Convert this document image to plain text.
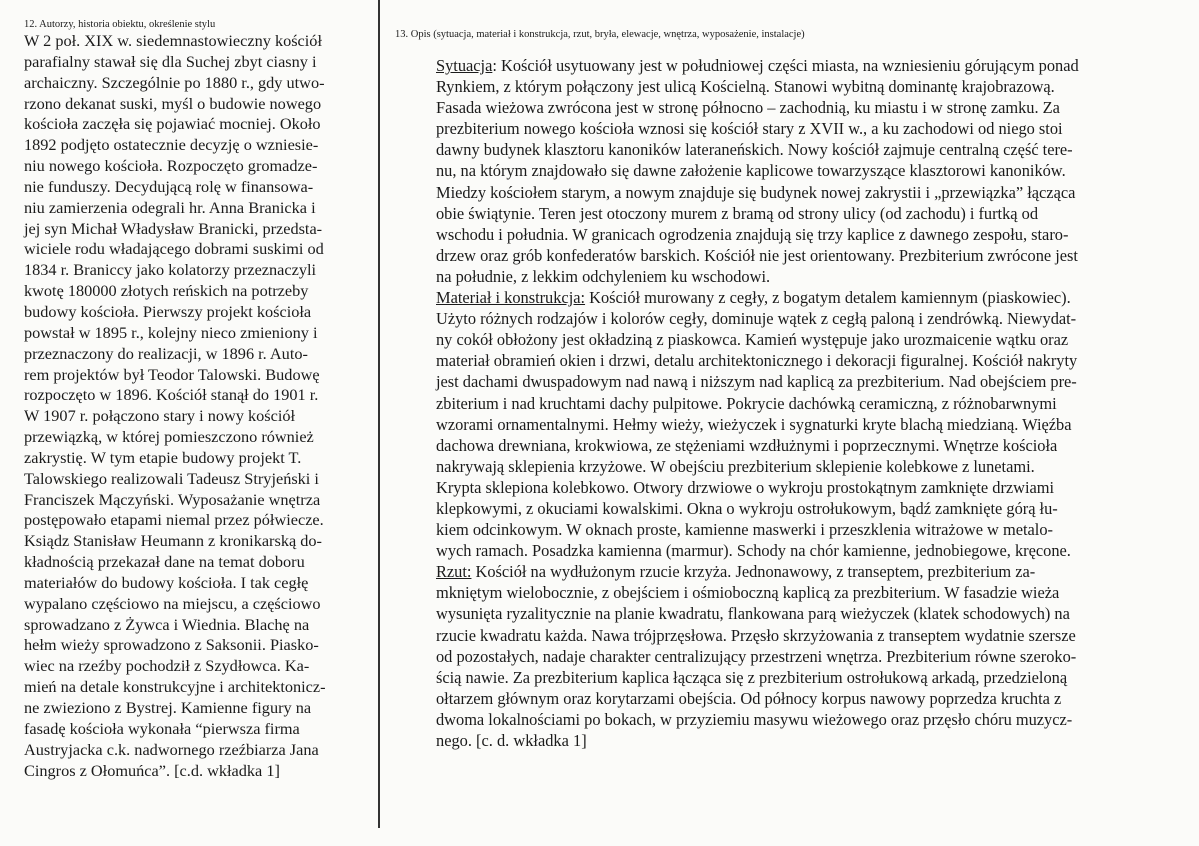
12. Autorzy, historia obiektu, określenie stylu
W 2 poł. XIX w. siedemnastowieczny kościół
parafialny stawał się dla Suchej zbyt ciasny i
archaiczny. Szczególnie po 1880 r., gdy utwo-
rzono dekanat suski, myśl o budowie nowego
kościoła zaczęła się pojawiać mocniej. Około
1892 podjęto ostatecznie decyzję o wzniesie-
niu nowego kościoła. Rozpoczęto gromadze-
nie funduszy. Decydującą rolę w finansowa-
niu zamierzenia odegrali hr. Anna Branicka i
jej syn Michał Władysław Branicki, przedsta-
wiciele rodu władającego dobrami suskimi od
1834 r. Braniccy jako kolatorzy przeznaczyli
kwotę 180000 złotych reńskich na potrzeby
budowy kościoła. Pierwszy projekt kościoła
powstał w 1895 r., kolejny nieco zmieniony i
przeznaczony do realizacji, w 1896 r. Auto-
rem projektów był Teodor Talowski. Budowę
rozpoczęto w 1896. Kościół stanął do 1901 r.
W 1907 r. połączono stary i nowy kościół
przewiązką, w której pomieszczono również
zakrystię. W tym etapie budowy projekt T.
Talowskiego realizowali Tadeusz Stryjeński i
Franciszek Mączyński. Wyposażanie wnętrza
postępowało etapami niemal przez półwiecze.
Ksiądz Stanisław Heumann z kronikarską do-
kładnością przekazał dane na temat doboru
materiałów do budowy kościoła. I tak cegłę
wypalano częściowo na miejscu, a częściowo
sprowadzano z Żywca i Wiednia. Blachę na
hełm wieży sprowadzono z Saksonii. Piasko-
wiec na rzeźby pochodził z Szydłowca. Ka-
mień na detale konstrukcyjne i architektonicz-
ne zwieziono z Bystrej. Kamienne figury na
fasadę kościoła wykonała “pierwsza firma
Austryjacka c.k. nadwornego rzeźbiarza Jana
Cingros z Ołomuńca”. [c.d. wkładka 1]
13. Opis (sytuacja, materiał i konstrukcja, rzut, bryła, elewacje, wnętrza, wyposażenie, instalacje)
Sytuacja: Kościół usytuowany jest w południowej części miasta, na wzniesieniu górującym ponad
Rynkiem, z którym połączony jest ulicą Kościelną. Stanowi wybitną dominantę krajobrazową.
Fasada wieżowa zwrócona jest w stronę północno – zachodnią, ku miastu i w stronę zamku. Za
prezbiterium nowego kościoła wznosi się kościół stary z XVII w., a ku zachodowi od niego stoi
dawny budynek klasztoru kanoników lateraneńskich. Nowy kościół zajmuje centralną część tere-
nu, na którym znajdowało się dawne założenie kaplicowe towarzyszące klasztorowi kanoników.
Miedzy kościołem starym, a nowym znajduje się budynek nowej zakrystii i „przewiązka” łącząca
obie świątynie. Teren jest otoczony murem z bramą od strony ulicy (od zachodu) i furtką od
wschodu i południa. W granicach ogrodzenia znajdują się trzy kaplice z dawnego zespołu, staro-
drzew oraz grób konfederatów barskich. Kościół nie jest orientowany. Prezbiterium zwrócone jest
na południe, z lekkim odchyleniem ku wschodowi.
Materiał i konstrukcja: Kościół murowany z cegły, z bogatym detalem kamiennym (piaskowiec).
Użyto różnych rodzajów i kolorów cegły, dominuje wątek z cegłą paloną i zendrówką. Niewydat-
ny cokół obłożony jest okładziną z piaskowca. Kamień występuje jako urozmaicenie wątku oraz
materiał obramień okien i drzwi, detalu architektonicznego i dekoracji figuralnej. Kościół nakryty
jest dachami dwuspadowym nad nawą i niższym nad kaplicą za prezbiterium. Nad obejściem pre-
zbiterium i nad kruchtami dachy pulpitowe. Pokrycie dachówką ceramiczną, z różnobarwnymi
wzorami ornamentalnymi. Hełmy wieży, wieżyczek i sygnaturki kryte blachą miedzianą. Więźba
dachowa drewniana, krokwiowa, ze stężeniami wzdłużnymi i poprzecznymi. Wnętrze kościoła
nakrywają sklepienia krzyżowe. W obejściu prezbiterium sklepienie kolebkowe z lunetami.
Krypta sklepiona kolebkowo. Otwory drzwiowe o wykroju prostokątnym zamknięte drzwiami
klepkowymi, z okuciami kowalskimi. Okna o wykroju ostrołukowym, bądź zamknięte górą łu-
kiem odcinkowym. W oknach proste, kamienne maswerki i przeszklenia witrażowe w metalo-
wych ramach. Posadzka kamienna (marmur). Schody na chór kamienne, jednobiegowe, kręcone.
Rzut: Kościół na wydłużonym rzucie krzyża. Jednonawowy, z transeptem, prezbiterium za-
mkniętym wielobocznie, z obejściem i ośmioboczną kaplicą za prezbiterium. W fasadzie wieża
wysunięta ryzalitycznie na planie kwadratu, flankowana parą wieżyczek (klatek schodowych) na
rzucie kwadratu każda. Nawa trójprzęsłowa. Przęsło skrzyżowania z transeptem wydatnie szersze
od pozostałych, nadaje charakter centralizujący przestrzeni wnętrza. Prezbiterium równe szeroko-
ścią nawie. Za prezbiterium kaplica łącząca się z prezbiterium ostrołukową arkadą, przedzieloną
ołtarzem głównym oraz korytarzami obejścia. Od północy korpus nawowy poprzedza kruchta z
dwoma lokalnościami po bokach, w przyziemiu masywu wieżowego oraz przęsło chóru muzycz-
nego. [c. d. wkładka 1]
